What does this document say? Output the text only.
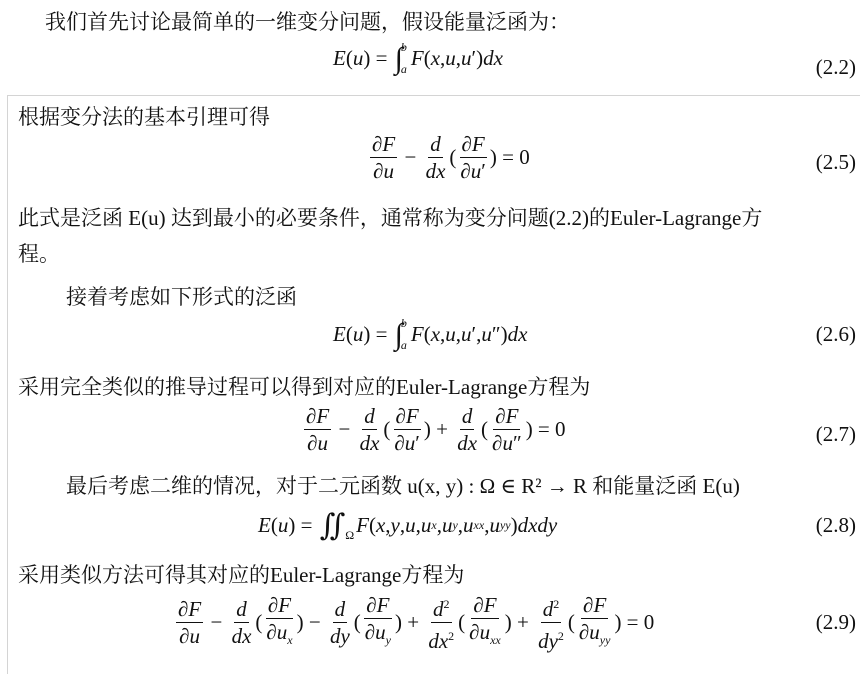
我们首先讨论最简单的一维变分问题，假设能量泛函为：
E ( u ) = ∫
a
b F ( x , u , u ′) dx	(2.2)
根据变分法的基本引理可得
$\frac{\partial F}{\partial u} - \frac{d}{dx}$ ( $\frac{\partial F}{\partial u'}$ ) = 0	(2.5)
此式是泛函 E(u) 达到最小的必要条件，通常称为变分问题(2.2)的Euler-Lagrange方
程。
接着考虑如下形式的泛函
E ( u ) = ∫
a
b F ( x , u , u ′, u ″) dx	(2.6)
采用完全类似的推导过程可以得到对应的Euler-Lagrange方程为
$\frac{\partial F}{\partial u} - \frac{d}{dx}$ ( $\frac{\partial F}{\partial u'}$ ) + $\frac{d}{dx}$ ( $\frac{\partial F}{\partial u''}$ ) = 0	(2.7)
最后考虑二维的情况，对于二元函数 u(x, y) : Ω ∈ R² → R 和能量泛函 E(u)
E ( u ) = $∬_\Omega$ F ( x , y , u , u x , u y , u xx , u yy ) dxdy	(2.8)
采用类似方法可得其对应的Euler-Lagrange方程为
$\frac{\partial F}{\partial u} - \frac{d}{dx}$ ( $\frac{\partial F}{\partial u_x}$ ) − $\frac{d}{dy}$ ( $\frac{\partial F}{\partial u_y}$ ) + $\frac{d^2}{dx^2}$ ( $\frac{\partial F}{\partial u_{xx}}$ ) + $\frac{d^2}{dy^2}$ ( $\frac{\partial F}{\partial u_{yy}}$ ) = 0	(2.9)
